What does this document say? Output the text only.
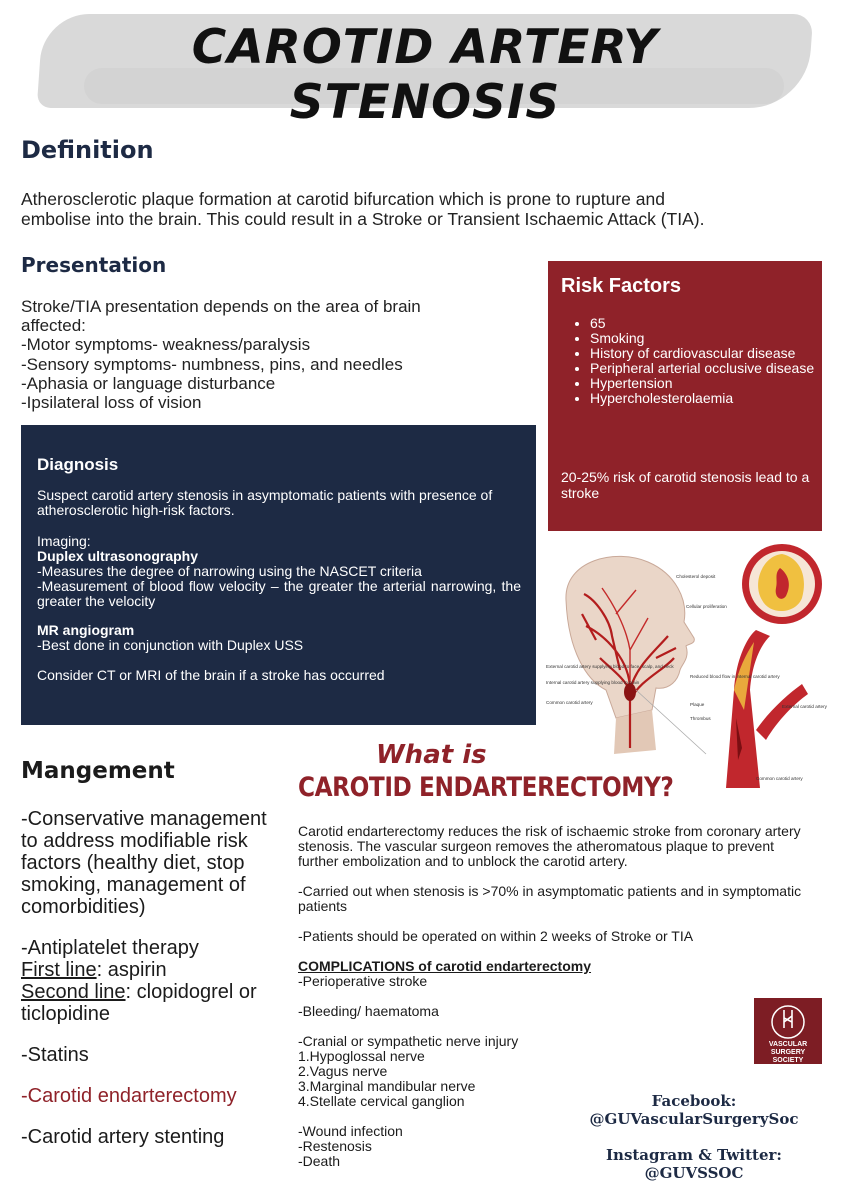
CAROTID ARTERY STENOSIS
Definition
Atherosclerotic plaque formation at carotid bifurcation which is prone to rupture and
embolise into the brain. This could result in a Stroke or Transient Ischaemic Attack (TIA).
Presentation
Stroke/TIA presentation depends on the area of brain
affected:
-Motor symptoms- weakness/paralysis
-Sensory symptoms- numbness, pins, and needles
-Aphasia or language disturbance
-Ipsilateral loss of vision
Risk Factors
• 65
• Smoking
• History of cardiovascular disease
• Peripheral arterial occlusive disease
• Hypertension
• Hypercholesterolaemia
20-25% risk of carotid stenosis lead to a stroke
Diagnosis

Suspect carotid artery stenosis in asymptomatic patients with presence of atherosclerotic high-risk factors.

Imaging:

Duplex ultrasonography

-Measures the degree of narrowing using the NASCET criteria

-Measurement of blood flow velocity – the greater the arterial narrowing, the greater the velocity

MR angiogram

-Best done in conjunction with Duplex USS

Consider CT or MRI of the brain if a stroke has occurred

Cholesterol deposit
Cellular proliferation
External carotid artery supplying blood to face, scalp, and neck
Internal carotid artery supplying blood to brain
Common carotid artery
Reduced blood flow in internal carotid artery
Plaque
Thrombus
External carotid artery
Common carotid artery
Mangement

-Conservative management to address modifiable risk factors (healthy diet, stop smoking, management of comorbidities)

-Antiplatelet therapy
First line: aspirin
Second line: clopidogrel or ticlopidine

-Statins

-Carotid endarterectomy

-Carotid artery stenting

What is
CAROTID ENDARTERECTOMY?

Carotid endarterectomy reduces the risk of ischaemic stroke from coronary artery stenosis. The vascular surgeon removes the atheromatous plaque to prevent further embolization and to unblock the carotid artery.

-Carried out when stenosis is >70% in asymptomatic patients and in symptomatic patients

-Patients should be operated on within 2 weeks of Stroke or TIA

COMPLICATIONS of carotid endarterectomy

-Perioperative stroke

-Bleeding/ haematoma

-Cranial or sympathetic nerve injury
1.Hypoglossal nerve
2.Vagus nerve
3.Marginal mandibular nerve

4.Stellate cervical ganglion

-Wound infection
-Restenosis
-Death
VASCULAR SURGERY SOCIETY
Facebook:
@GUVascularSurgerySoc
Instagram & Twitter:
@GUVSSOC
